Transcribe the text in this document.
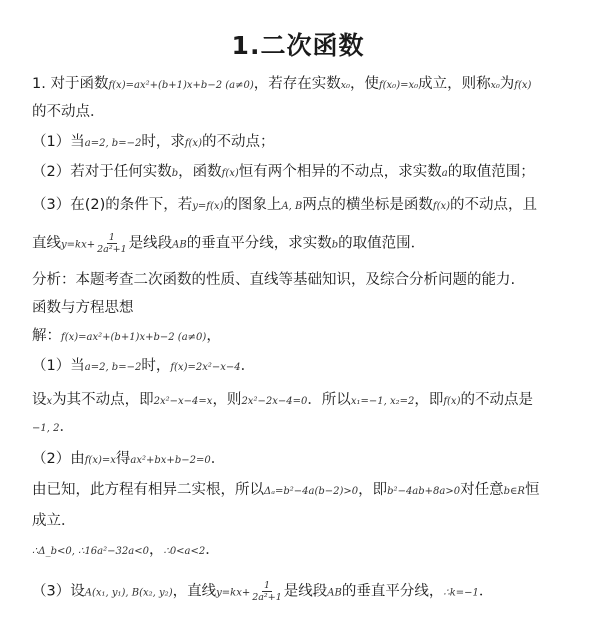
1.二次函数
1. 对于函数f(x)=ax²+(b+1)x+b−2 (a≠0)，若存在实数x₀，使f(x₀)=x₀成立，则称x₀为f(x)
的不动点．
（1）当a=2, b=−2时，求f(x)的不动点；
（2）若对于任何实数b，函数f(x)恒有两个相异的不动点，求实数a的取值范围；
（3）在(2)的条件下，若y=f(x)的图象上A, B两点的横坐标是函数f(x)的不动点，且
直线$y=kx+ \frac{1}{\text{2a²+1}}$ 是线段AB的垂直平分线，求实数b的取值范围．
分析：本题考查二次函数的性质、直线等基础知识，及综合分析问题的能力.
函数与方程思想
解：f(x)=ax²+(b+1)x+b−2 (a≠0)，
（1）当a=2, b=−2时，f(x)=2x²−x−4．
设x为其不动点，即2x²−x−4=x，则2x²−2x−4=0．所以x₁=−1, x₂=2，即f(x)的不动点是
−1, 2．
（2）由f(x)=x得ax²+bx+b−2=0．
由已知，此方程有相异二实根，所以Δₐ=b²−4a(b−2)>0，即b²−4ab+8a>0对任意b∈R恒
成立．
∴Δ_b<0, ∴16a²−32a<0，∴0<a<2．
（3）设A(x₁, y₁), B(x₂, y₂)，直线$y=kx+ \frac{1}{\text{2a²+1}}$ 是线段AB的垂直平分线，∴k=−1．
